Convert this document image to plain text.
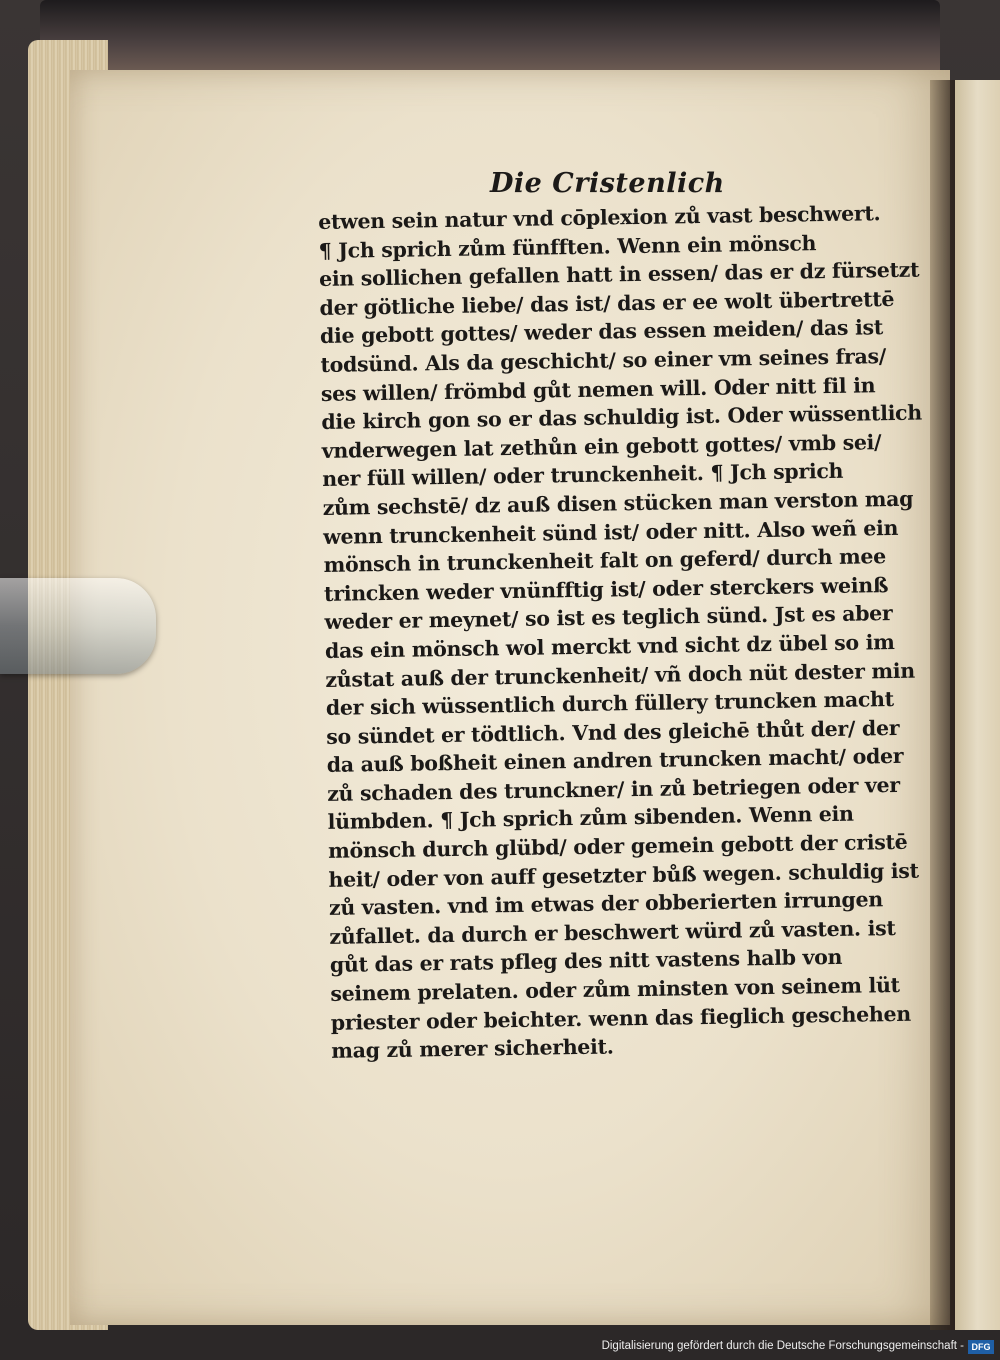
Die Cristenlich
etwen sein natur vnd cōplexion zů vast beschwert.
¶ Jch sprich zům fünfften. Wenn ein mönsch
ein sollichen gefallen hatt in essen/ das er dz fürsetzt
der götliche liebe/ das ist/ das er ee wolt übertrettē
die gebott gottes/ weder das essen meiden/ das ist
todsünd. Als da geschicht/ so einer vm seines fras/
ses willen/ frömbd gůt nemen will. Oder nitt fil in
die kirch gon so er das schuldig ist. Oder wüssentlich
vnderwegen lat zethůn ein gebott gottes/ vmb sei/
ner füll willen/ oder trunckenheit. ¶ Jch sprich
zům sechstē/ dz auß disen stücken man verston mag
wenn trunckenheit sünd ist/ oder nitt. Also weñ ein
mönsch in trunckenheit falt on geferd/ durch mee
trincken weder vnünfftig ist/ oder sterckers weinß
weder er meynet/ so ist es teglich sünd. Jst es aber
das ein mönsch wol merckt vnd sicht dz übel so im
zůstat auß der trunckenheit/ vñ doch nüt dester min
der sich wüssentlich durch füllery truncken macht
so sündet er tödtlich. Vnd des gleichē thůt der/ der
da auß boßheit einen andren truncken macht/ oder
zů schaden des trunckner/ in zů betriegen oder ver
lümbden. ¶ Jch sprich zům sibenden. Wenn ein
mönsch durch glübd/ oder gemein gebott der cristē
heit/ oder von auff gesetzter bůß wegen. schuldig ist
zů vasten. vnd im etwas der obberierten irrungen
zůfallet. da durch er beschwert würd zů vasten. ist
gůt das er rats pfleg des nitt vastens halb von
seinem prelaten. oder zům minsten von seinem lüt
priester oder beichter. wenn das fieglich geschehen
mag zů merer sicherheit.
Digitalisierung gefördert durch die Deutsche Forschungsgemeinschaft - DFG
